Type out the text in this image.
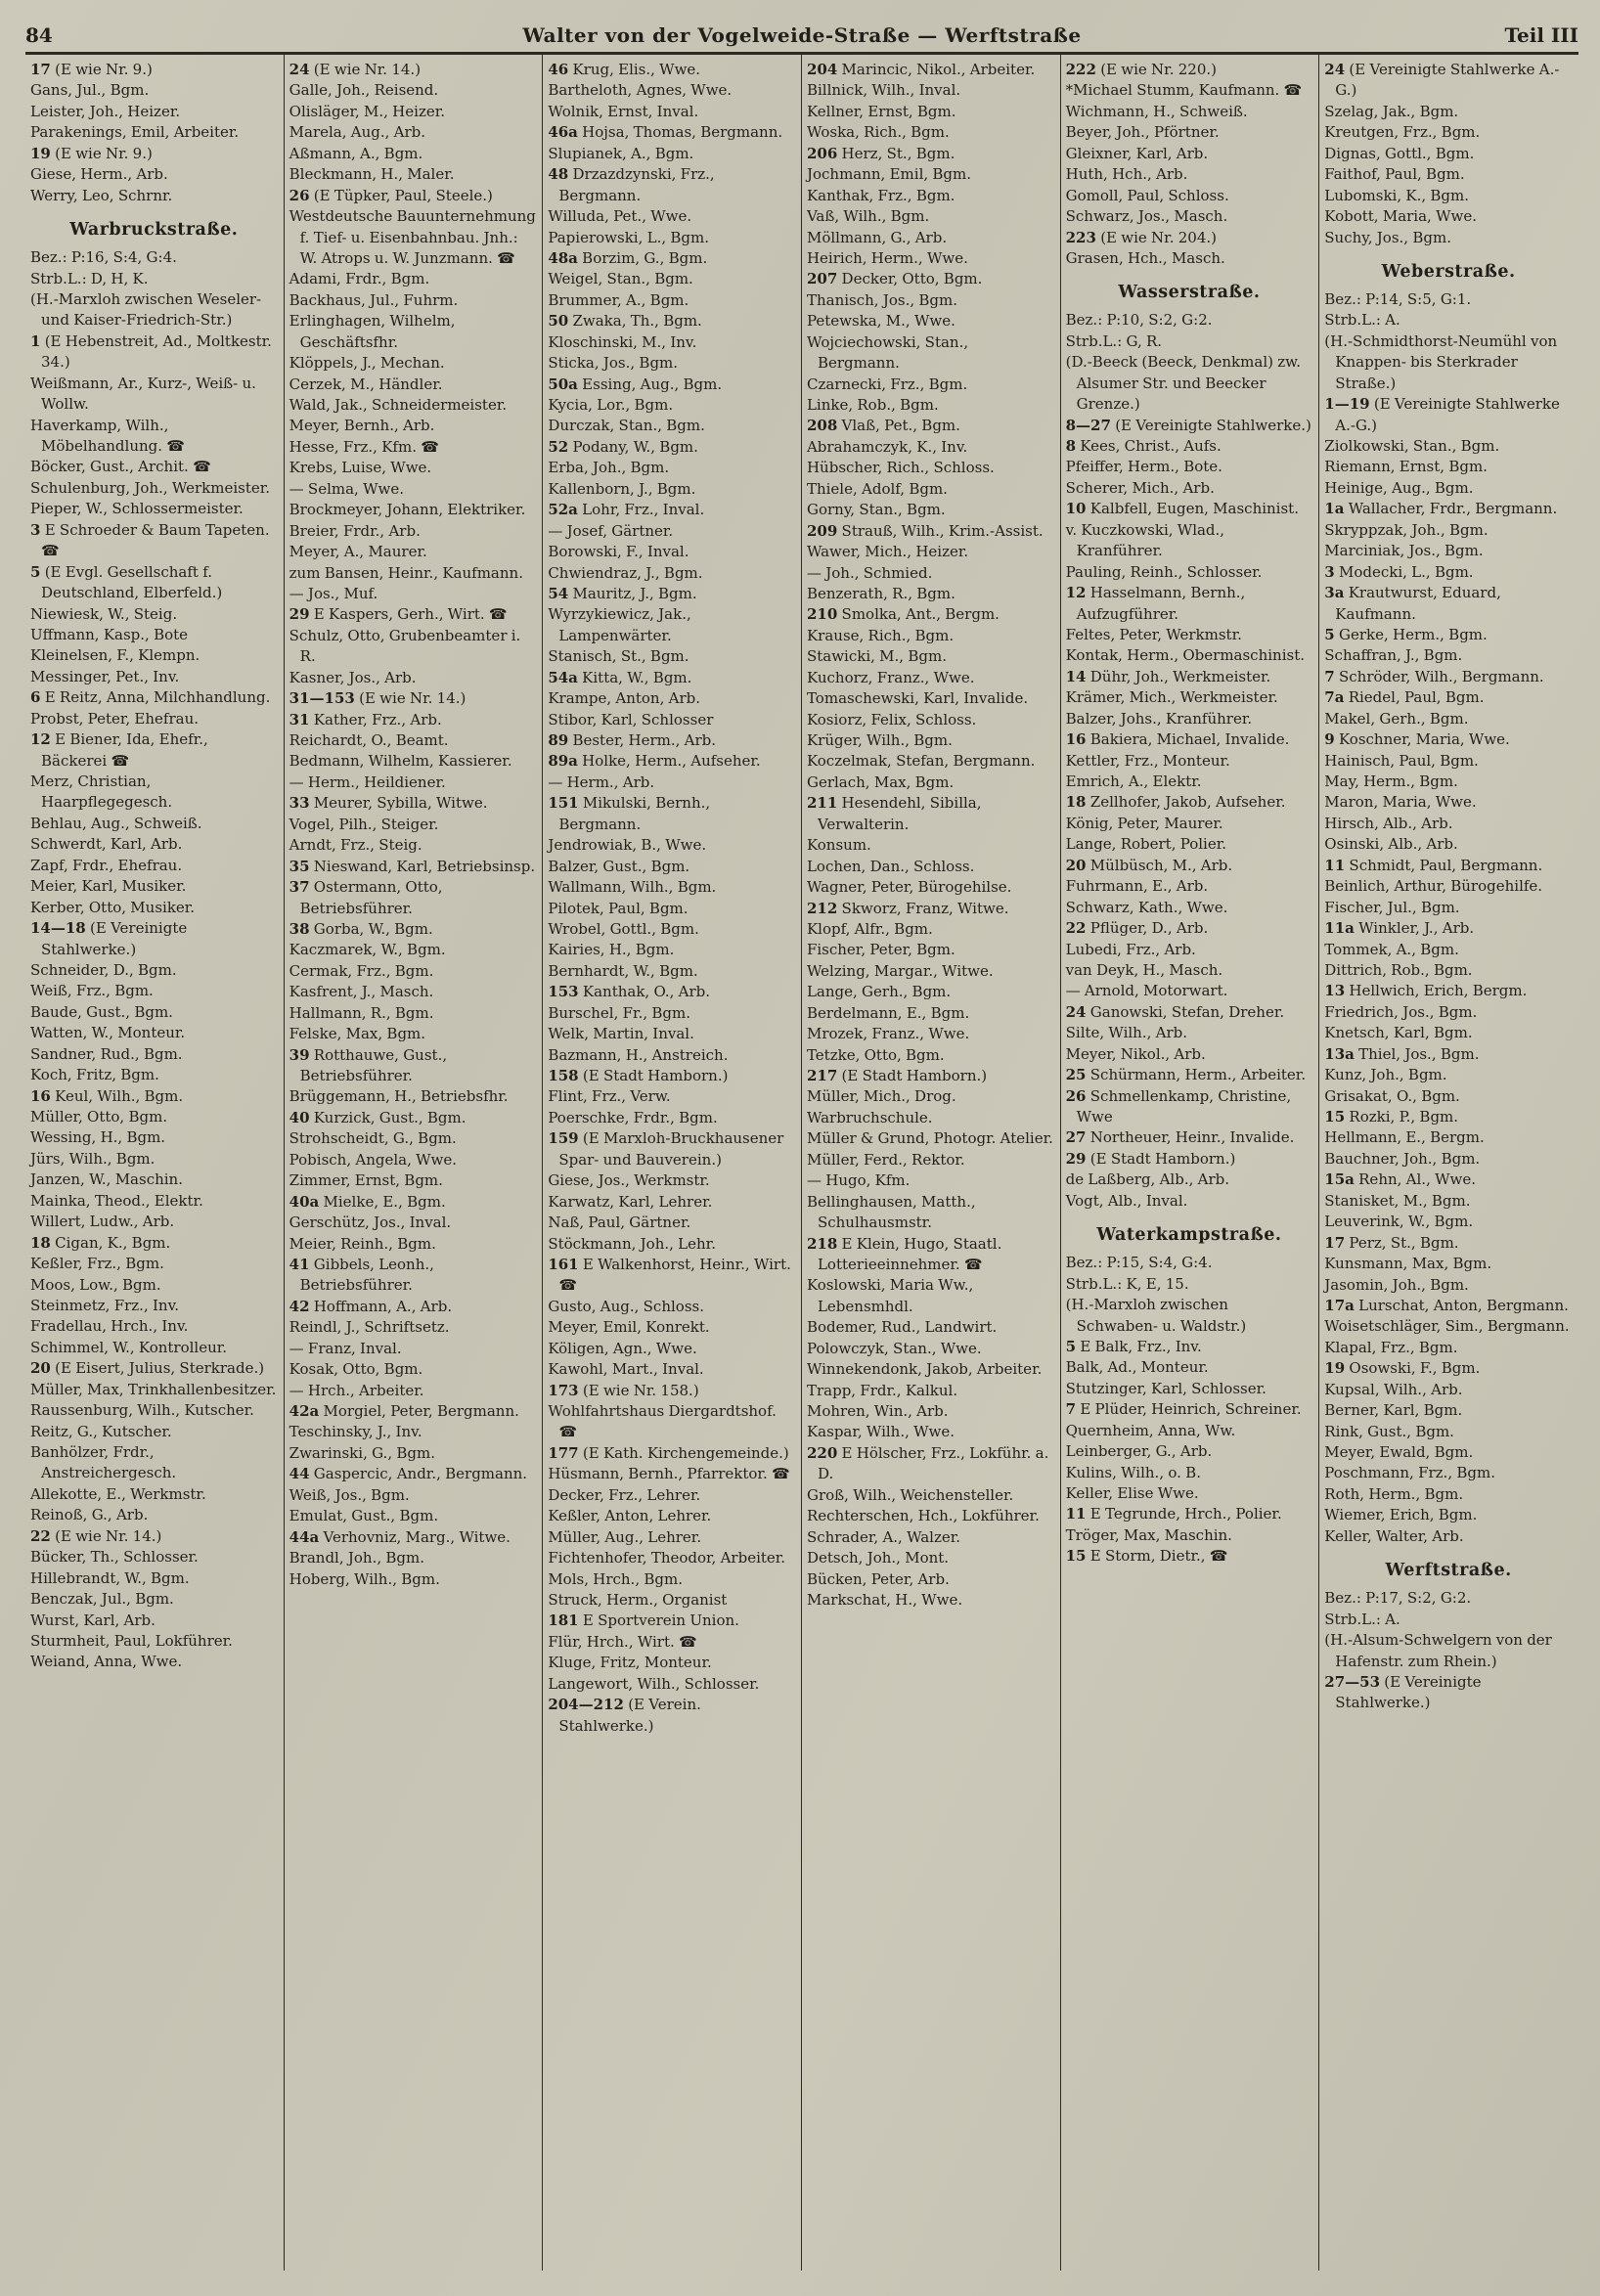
84	Walter von der Vogelweide-Straße — Werftstraße	Teil III
17 (E wie Nr. 9.)
Gans, Jul., Bgm.
Leister, Joh., Heizer.
Parakenings, Emil, Arbeiter.
19 (E wie Nr. 9.)
Giese, Herm., Arb.
Werry, Leo, Schrnr.
Warbruckstraße.
Bez.: P:16, S:4, G:4.
Strb.L.: D, H, K.
(H.-Marxloh zwischen Weseler- und Kaiser-Friedrich-Str.)
1 (E Hebenstreit, Ad., Moltkestr. 34.)
Weißmann, Ar., Kurz-, Weiß- u. Wollw.
Haverkamp, Wilh., Möbelhandlung. ☎
Böcker, Gust., Archit. ☎
Schulenburg, Joh., Werkmeister.
Pieper, W., Schlossermeister.
3 E Schroeder & Baum Tapeten. ☎
5 (E Evgl. Gesellschaft f. Deutschland, Elberfeld.)
Niewiesk, W., Steig.
Uffmann, Kasp., Bote
Kleinelsen, F., Klempn.
Messinger, Pet., Inv.
6 E Reitz, Anna, Milchhandlung.
Probst, Peter, Ehefrau.
12 E Biener, Ida, Ehefr., Bäckerei ☎
Merz, Christian, Haarpflegegesch.
Behlau, Aug., Schweiß.
Schwerdt, Karl, Arb.
Zapf, Frdr., Ehefrau.
Meier, Karl, Musiker.
Kerber, Otto, Musiker.
14—18 (E Vereinigte Stahlwerke.)
Schneider, D., Bgm.
Weiß, Frz., Bgm.
Baude, Gust., Bgm.
Watten, W., Monteur.
Sandner, Rud., Bgm.
Koch, Fritz, Bgm.
16 Keul, Wilh., Bgm.
Müller, Otto, Bgm.
Wessing, H., Bgm.
Jürs, Wilh., Bgm.
Janzen, W., Maschin.
Mainka, Theod., Elektr.
Willert, Ludw., Arb.
18 Cigan, K., Bgm.
Keßler, Frz., Bgm.
Moos, Low., Bgm.
Steinmetz, Frz., Inv.
Fradellau, Hrch., Inv.
Schimmel, W., Kontrolleur.
20 (E Eisert, Julius, Sterkrade.)
Müller, Max, Trinkhallenbesitzer.
Raussenburg, Wilh., Kutscher.
Reitz, G., Kutscher.
Banhölzer, Frdr., Anstreichergesch.
Allekotte, E., Werkmstr.
Reinoß, G., Arb.
22 (E wie Nr. 14.)
Bücker, Th., Schlosser.
Hillebrandt, W., Bgm.
Benczak, Jul., Bgm.
Wurst, Karl, Arb.
Sturmheit, Paul, Lokführer.
Weiand, Anna, Wwe.
24 (E wie Nr. 14.)
Galle, Joh., Reisend.
Olisläger, M., Heizer.
Marela, Aug., Arb.
Aßmann, A., Bgm.
Bleckmann, H., Maler.
26 (E Tüpker, Paul, Steele.)
Westdeutsche Bauunternehmung f. Tief- u. Eisenbahnbau. Jnh.: W. Atrops u. W. Junzmann. ☎
Adami, Frdr., Bgm.
Backhaus, Jul., Fuhrm.
Erlinghagen, Wilhelm, Geschäftsfhr.
Klöppels, J., Mechan.
Cerzek, M., Händler.
Wald, Jak., Schneidermeister.
Meyer, Bernh., Arb.
Hesse, Frz., Kfm. ☎
Krebs, Luise, Wwe.
— Selma, Wwe.
Brockmeyer, Johann, Elektriker.
Breier, Frdr., Arb.
Meyer, A., Maurer.
zum Bansen, Heinr., Kaufmann.
— Jos., Muf.
29 E Kaspers, Gerh., Wirt. ☎
Schulz, Otto, Grubenbeamter i. R.
Kasner, Jos., Arb.
31—153 (E wie Nr. 14.)
31 Kather, Frz., Arb.
Reichardt, O., Beamt.
Bedmann, Wilhelm, Kassierer.
— Herm., Heildiener.
33 Meurer, Sybilla, Witwe.
Vogel, Pilh., Steiger.
Arndt, Frz., Steig.
35 Nieswand, Karl, Betriebsinsp.
37 Ostermann, Otto, Betriebsführer.
38 Gorba, W., Bgm.
Kaczmarek, W., Bgm.
Cermak, Frz., Bgm.
Kasfrent, J., Masch.
Hallmann, R., Bgm.
Felske, Max, Bgm.
39 Rotthauwe, Gust., Betriebsführer.
Brüggemann, H., Betriebsfhr.
40 Kurzick, Gust., Bgm.
Strohscheidt, G., Bgm.
Pobisch, Angela, Wwe.
Zimmer, Ernst, Bgm.
40a Mielke, E., Bgm.
Gerschütz, Jos., Inval.
Meier, Reinh., Bgm.
41 Gibbels, Leonh., Betriebsführer.
42 Hoffmann, A., Arb.
Reindl, J., Schriftsetz.
— Franz, Inval.
Kosak, Otto, Bgm.
— Hrch., Arbeiter.
42a Morgiel, Peter, Bergmann.
Teschinsky, J., Inv.
Zwarinski, G., Bgm.
44 Gaspercic, Andr., Bergmann.
Weiß, Jos., Bgm.
Emulat, Gust., Bgm.
44a Verhovniz, Marg., Witwe.
Brandl, Joh., Bgm.
Hoberg, Wilh., Bgm.
46 Krug, Elis., Wwe.
Bartheloth, Agnes, Wwe.
Wolnik, Ernst, Inval.
46a Hojsa, Thomas, Bergmann.
Slupianek, A., Bgm.
48 Drzazdzynski, Frz., Bergmann.
Willuda, Pet., Wwe.
Papierowski, L., Bgm.
48a Borzim, G., Bgm.
Weigel, Stan., Bgm.
Brummer, A., Bgm.
50 Zwaka, Th., Bgm.
Kloschinski, M., Inv.
Sticka, Jos., Bgm.
50a Essing, Aug., Bgm.
Kycia, Lor., Bgm.
Durczak, Stan., Bgm.
52 Podany, W., Bgm.
Erba, Joh., Bgm.
Kallenborn, J., Bgm.
52a Lohr, Frz., Inval.
— Josef, Gärtner.
Borowski, F., Inval.
Chwiendraz, J., Bgm.
54 Mauritz, J., Bgm.
Wyrzykiewicz, Jak., Lampenwärter.
Stanisch, St., Bgm.
54a Kitta, W., Bgm.
Krampe, Anton, Arb.
Stibor, Karl, Schlosser
89 Bester, Herm., Arb.
89a Holke, Herm., Aufseher.
— Herm., Arb.
151 Mikulski, Bernh., Bergmann.
Jendrowiak, B., Wwe.
Balzer, Gust., Bgm.
Wallmann, Wilh., Bgm.
Pilotek, Paul, Bgm.
Wrobel, Gottl., Bgm.
Kairies, H., Bgm.
Bernhardt, W., Bgm.
153 Kanthak, O., Arb.
Burschel, Fr., Bgm.
Welk, Martin, Inval.
Bazmann, H., Anstreich.
158 (E Stadt Hamborn.)
Flint, Frz., Verw.
Poerschke, Frdr., Bgm.
159 (E Marxloh-Bruckhausener Spar- und Bauverein.)
Giese, Jos., Werkmstr.
Karwatz, Karl, Lehrer.
Naß, Paul, Gärtner.
Stöckmann, Joh., Lehr.
161 E Walkenhorst, Heinr., Wirt. ☎
Gusto, Aug., Schloss.
Meyer, Emil, Konrekt.
Köligen, Agn., Wwe.
Kawohl, Mart., Inval.
173 (E wie Nr. 158.)
Wohlfahrtshaus Diergardtshof. ☎
177 (E Kath. Kirchengemeinde.)
Hüsmann, Bernh., Pfarrektor. ☎
Decker, Frz., Lehrer.
Keßler, Anton, Lehrer.
Müller, Aug., Lehrer.
Fichtenhofer, Theodor, Arbeiter.
Mols, Hrch., Bgm.
Struck, Herm., Organist
181 E Sportverein Union.
Flür, Hrch., Wirt. ☎
Kluge, Fritz, Monteur.
Langewort, Wilh., Schlosser.
204—212 (E Verein. Stahlwerke.)
204 Marincic, Nikol., Arbeiter.
Billnick, Wilh., Inval.
Kellner, Ernst, Bgm.
Woska, Rich., Bgm.
206 Herz, St., Bgm.
Jochmann, Emil, Bgm.
Kanthak, Frz., Bgm.
Vaß, Wilh., Bgm.
Möllmann, G., Arb.
Heirich, Herm., Wwe.
207 Decker, Otto, Bgm.
Thanisch, Jos., Bgm.
Petewska, M., Wwe.
Wojciechowski, Stan., Bergmann.
Czarnecki, Frz., Bgm.
Linke, Rob., Bgm.
208 Vlaß, Pet., Bgm.
Abrahamczyk, K., Inv.
Hübscher, Rich., Schloss.
Thiele, Adolf, Bgm.
Gorny, Stan., Bgm.
209 Strauß, Wilh., Krim.-Assist.
Wawer, Mich., Heizer.
— Joh., Schmied.
Benzerath, R., Bgm.
210 Smolka, Ant., Bergm.
Krause, Rich., Bgm.
Stawicki, M., Bgm.
Kuchorz, Franz., Wwe.
Tomaschewski, Karl, Invalide.
Kosiorz, Felix, Schloss.
Krüger, Wilh., Bgm.
Koczelmak, Stefan, Bergmann.
Gerlach, Max, Bgm.
211 Hesendehl, Sibilla, Verwalterin.
Konsum.
Lochen, Dan., Schloss.
Wagner, Peter, Bürogehilse.
212 Skworz, Franz, Witwe.
Klopf, Alfr., Bgm.
Fischer, Peter, Bgm.
Welzing, Margar., Witwe.
Lange, Gerh., Bgm.
Berdelmann, E., Bgm.
Mrozek, Franz., Wwe.
Tetzke, Otto, Bgm.
217 (E Stadt Hamborn.)
Müller, Mich., Drog.
Warbruchschule.
Müller & Grund, Photogr. Atelier.
Müller, Ferd., Rektor.
— Hugo, Kfm.
Bellinghausen, Matth., Schulhausmstr.
218 E Klein, Hugo, Staatl. Lotterieeinnehmer. ☎
Koslowski, Maria Ww., Lebensmhdl.
Bodemer, Rud., Landwirt.
Polowczyk, Stan., Wwe.
Winnekendonk, Jakob, Arbeiter.
Trapp, Frdr., Kalkul.
Mohren, Win., Arb.
Kaspar, Wilh., Wwe.
220 E Hölscher, Frz., Lokführ. a. D.
Groß, Wilh., Weichensteller.
Rechterschen, Hch., Lokführer.
Schrader, A., Walzer.
Detsch, Joh., Mont.
Bücken, Peter, Arb.
Markschat, H., Wwe.
222 (E wie Nr. 220.)
*Michael Stumm, Kaufmann. ☎
Wichmann, H., Schweiß.
Beyer, Joh., Pförtner.
Gleixner, Karl, Arb.
Huth, Hch., Arb.
Gomoll, Paul, Schloss.
Schwarz, Jos., Masch.
223 (E wie Nr. 204.)
Grasen, Hch., Masch.
Wasserstraße.
Bez.: P:10, S:2, G:2.
Strb.L.: G, R.
(D.-Beeck (Beeck, Denkmal) zw. Alsumer Str. und Beecker Grenze.)
8—27 (E Vereinigte Stahlwerke.)
8 Kees, Christ., Aufs.
Pfeiffer, Herm., Bote.
Scherer, Mich., Arb.
10 Kalbfell, Eugen, Maschinist.
v. Kuczkowski, Wlad., Kranführer.
Pauling, Reinh., Schlosser.
12 Hasselmann, Bernh., Aufzugführer.
Feltes, Peter, Werkmstr.
Kontak, Herm., Obermaschinist.
14 Dühr, Joh., Werkmeister.
Krämer, Mich., Werkmeister.
Balzer, Johs., Kranführer.
16 Bakiera, Michael, Invalide.
Kettler, Frz., Monteur.
Emrich, A., Elektr.
18 Zellhofer, Jakob, Aufseher.
König, Peter, Maurer.
Lange, Robert, Polier.
20 Mülbüsch, M., Arb.
Fuhrmann, E., Arb.
Schwarz, Kath., Wwe.
22 Pflüger, D., Arb.
Lubedi, Frz., Arb.
van Deyk, H., Masch.
— Arnold, Motorwart.
24 Ganowski, Stefan, Dreher.
Silte, Wilh., Arb.
Meyer, Nikol., Arb.
25 Schürmann, Herm., Arbeiter.
26 Schmellenkamp, Christine, Wwe
27 Northeuer, Heinr., Invalide.
29 (E Stadt Hamborn.)
de Laßberg, Alb., Arb.
Vogt, Alb., Inval.
Waterkampstraße.
Bez.: P:15, S:4, G:4.
Strb.L.: K, E, 15.
(H.-Marxloh zwischen Schwaben- u. Waldstr.)
5 E Balk, Frz., Inv.
Balk, Ad., Monteur.
Stutzinger, Karl, Schlosser.
7 E Plüder, Heinrich, Schreiner.
Quernheim, Anna, Ww.
Leinberger, G., Arb.
Kulins, Wilh., o. B.
Keller, Elise Wwe.
11 E Tegrunde, Hrch., Polier.
Tröger, Max, Maschin.
15 E Storm, Dietr., ☎
24 (E Vereinigte Stahlwerke A.-G.)
Szelag, Jak., Bgm.
Kreutgen, Frz., Bgm.
Dignas, Gottl., Bgm.
Faithof, Paul, Bgm.
Lubomski, K., Bgm.
Kobott, Maria, Wwe.
Suchy, Jos., Bgm.
Weberstraße.
Bez.: P:14, S:5, G:1.
Strb.L.: A.
(H.-Schmidthorst-Neumühl von Knappen- bis Sterkrader Straße.)
1—19 (E Vereinigte Stahlwerke A.-G.)
Ziolkowski, Stan., Bgm.
Riemann, Ernst, Bgm.
Heinige, Aug., Bgm.
1a Wallacher, Frdr., Bergmann.
Skryppzak, Joh., Bgm.
Marciniak, Jos., Bgm.
3 Modecki, L., Bgm.
3a Krautwurst, Eduard, Kaufmann.
5 Gerke, Herm., Bgm.
Schaffran, J., Bgm.
7 Schröder, Wilh., Bergmann.
7a Riedel, Paul, Bgm.
Makel, Gerh., Bgm.
9 Koschner, Maria, Wwe.
Hainisch, Paul, Bgm.
May, Herm., Bgm.
Maron, Maria, Wwe.
Hirsch, Alb., Arb.
Osinski, Alb., Arb.
11 Schmidt, Paul, Bergmann.
Beinlich, Arthur, Bürogehilfe.
Fischer, Jul., Bgm.
11a Winkler, J., Arb.
Tommek, A., Bgm.
Dittrich, Rob., Bgm.
13 Hellwich, Erich, Bergm.
Friedrich, Jos., Bgm.
Knetsch, Karl, Bgm.
13a Thiel, Jos., Bgm.
Kunz, Joh., Bgm.
Grisakat, O., Bgm.
15 Rozki, P., Bgm.
Hellmann, E., Bergm.
Bauchner, Joh., Bgm.
15a Rehn, Al., Wwe.
Stanisket, M., Bgm.
Leuverink, W., Bgm.
17 Perz, St., Bgm.
Kunsmann, Max, Bgm.
Jasomin, Joh., Bgm.
17a Lurschat, Anton, Bergmann.
Woisetschläger, Sim., Bergmann.
Klapal, Frz., Bgm.
19 Osowski, F., Bgm.
Kupsal, Wilh., Arb.
Berner, Karl, Bgm.
Rink, Gust., Bgm.
Meyer, Ewald, Bgm.
Poschmann, Frz., Bgm.
Roth, Herm., Bgm.
Wiemer, Erich, Bgm.
Keller, Walter, Arb.
Werftstraße.
Bez.: P:17, S:2, G:2.
Strb.L.: A.
(H.-Alsum-Schwelgern von der Hafenstr. zum Rhein.)
27—53 (E Vereinigte Stahlwerke.)
